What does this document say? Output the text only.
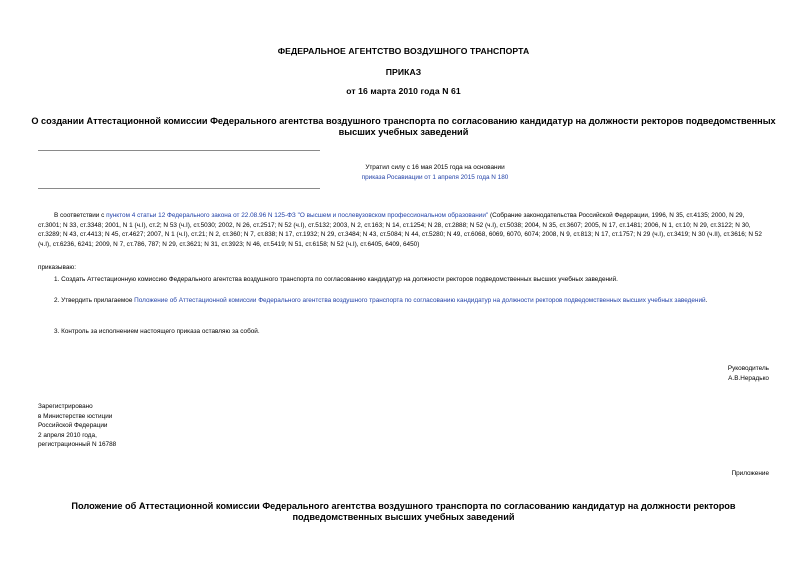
ФЕДЕРАЛЬНОЕ АГЕНТСТВО ВОЗДУШНОГО ТРАНСПОРТА
ПРИКАЗ
от 16 марта 2010 года N 61
О создании Аттестационной комиссии Федерального агентства воздушного транспорта по согласованию кандидатур на должности ректоров подведомственных высших учебных заведений

Утратил силу с 16 мая 2015 года на основании

приказа Росавиации от 1 апреля 2015 года N 180

В соответствии с пунктом 4 статьи 12 Федерального закона от 22.08.96 N 125-ФЗ "О высшем и послевузовском профессиональном образовании" (Собрание законодательства Российской Федерации, 1996, N 35, ст.4135; 2000, N 29, ст.3001; N 33, ст.3348; 2001, N 1 (ч.I), ст.2; N 53 (ч.I), ст.5030; 2002, N 26, ст.2517; N 52 (ч.I), ст.5132; 2003, N 2, ст.163; N 14, ст.1254; N 28, ст.2888; N 52 (ч.I), ст.5038; 2004, N 35, ст.3607; 2005, N 17, ст.1481; 2006, N 1, ст.10; N 29, ст.3122; N 30, ст.3289; N 43, ст.4413; N 45, ст.4627; 2007, N 1 (ч.I), ст.21; N 2, ст.360; N 7, ст.838; N 17, ст.1932; N 29, ст.3484; N 43, ст.5084; N 44, ст.5280; N 49, ст.6068, 6069, 6070, 6074; 2008, N 9, ст.813; N 17, ст.1757; N 29 (ч.I), ст.3419; N 30 (ч.II), ст.3616; N 52 (ч.I), ст.6236, 6241; 2009, N 7, ст.786, 787; N 29, ст.3621; N 31, ст.3923; N 46, ст.5419; N 51, ст.6158; N 52 (ч.I), ст.6405, 6409, 6450)
приказываю:
1. Создать Аттестационную комиссию Федерального агентства воздушного транспорта по согласованию кандидатур на должности ректоров подведомственных высших учебных заведений.
2. Утвердить прилагаемое Положение об Аттестационной комиссии Федерального агентства воздушного транспорта по согласованию кандидатур на должности ректоров подведомственных высших учебных заведений.
3. Контроль за исполнением настоящего приказа оставляю за собой.

Руководитель

А.В.Нерадько

Зарегистрировано

в Министерстве юстиции

Российской Федерации

2 апреля 2010 года,

регистрационный N 16788

Приложение
Положение об Аттестационной комиссии Федерального агентства воздушного транспорта по согласованию кандидатур на должности ректоров подведомственных высших учебных заведений
